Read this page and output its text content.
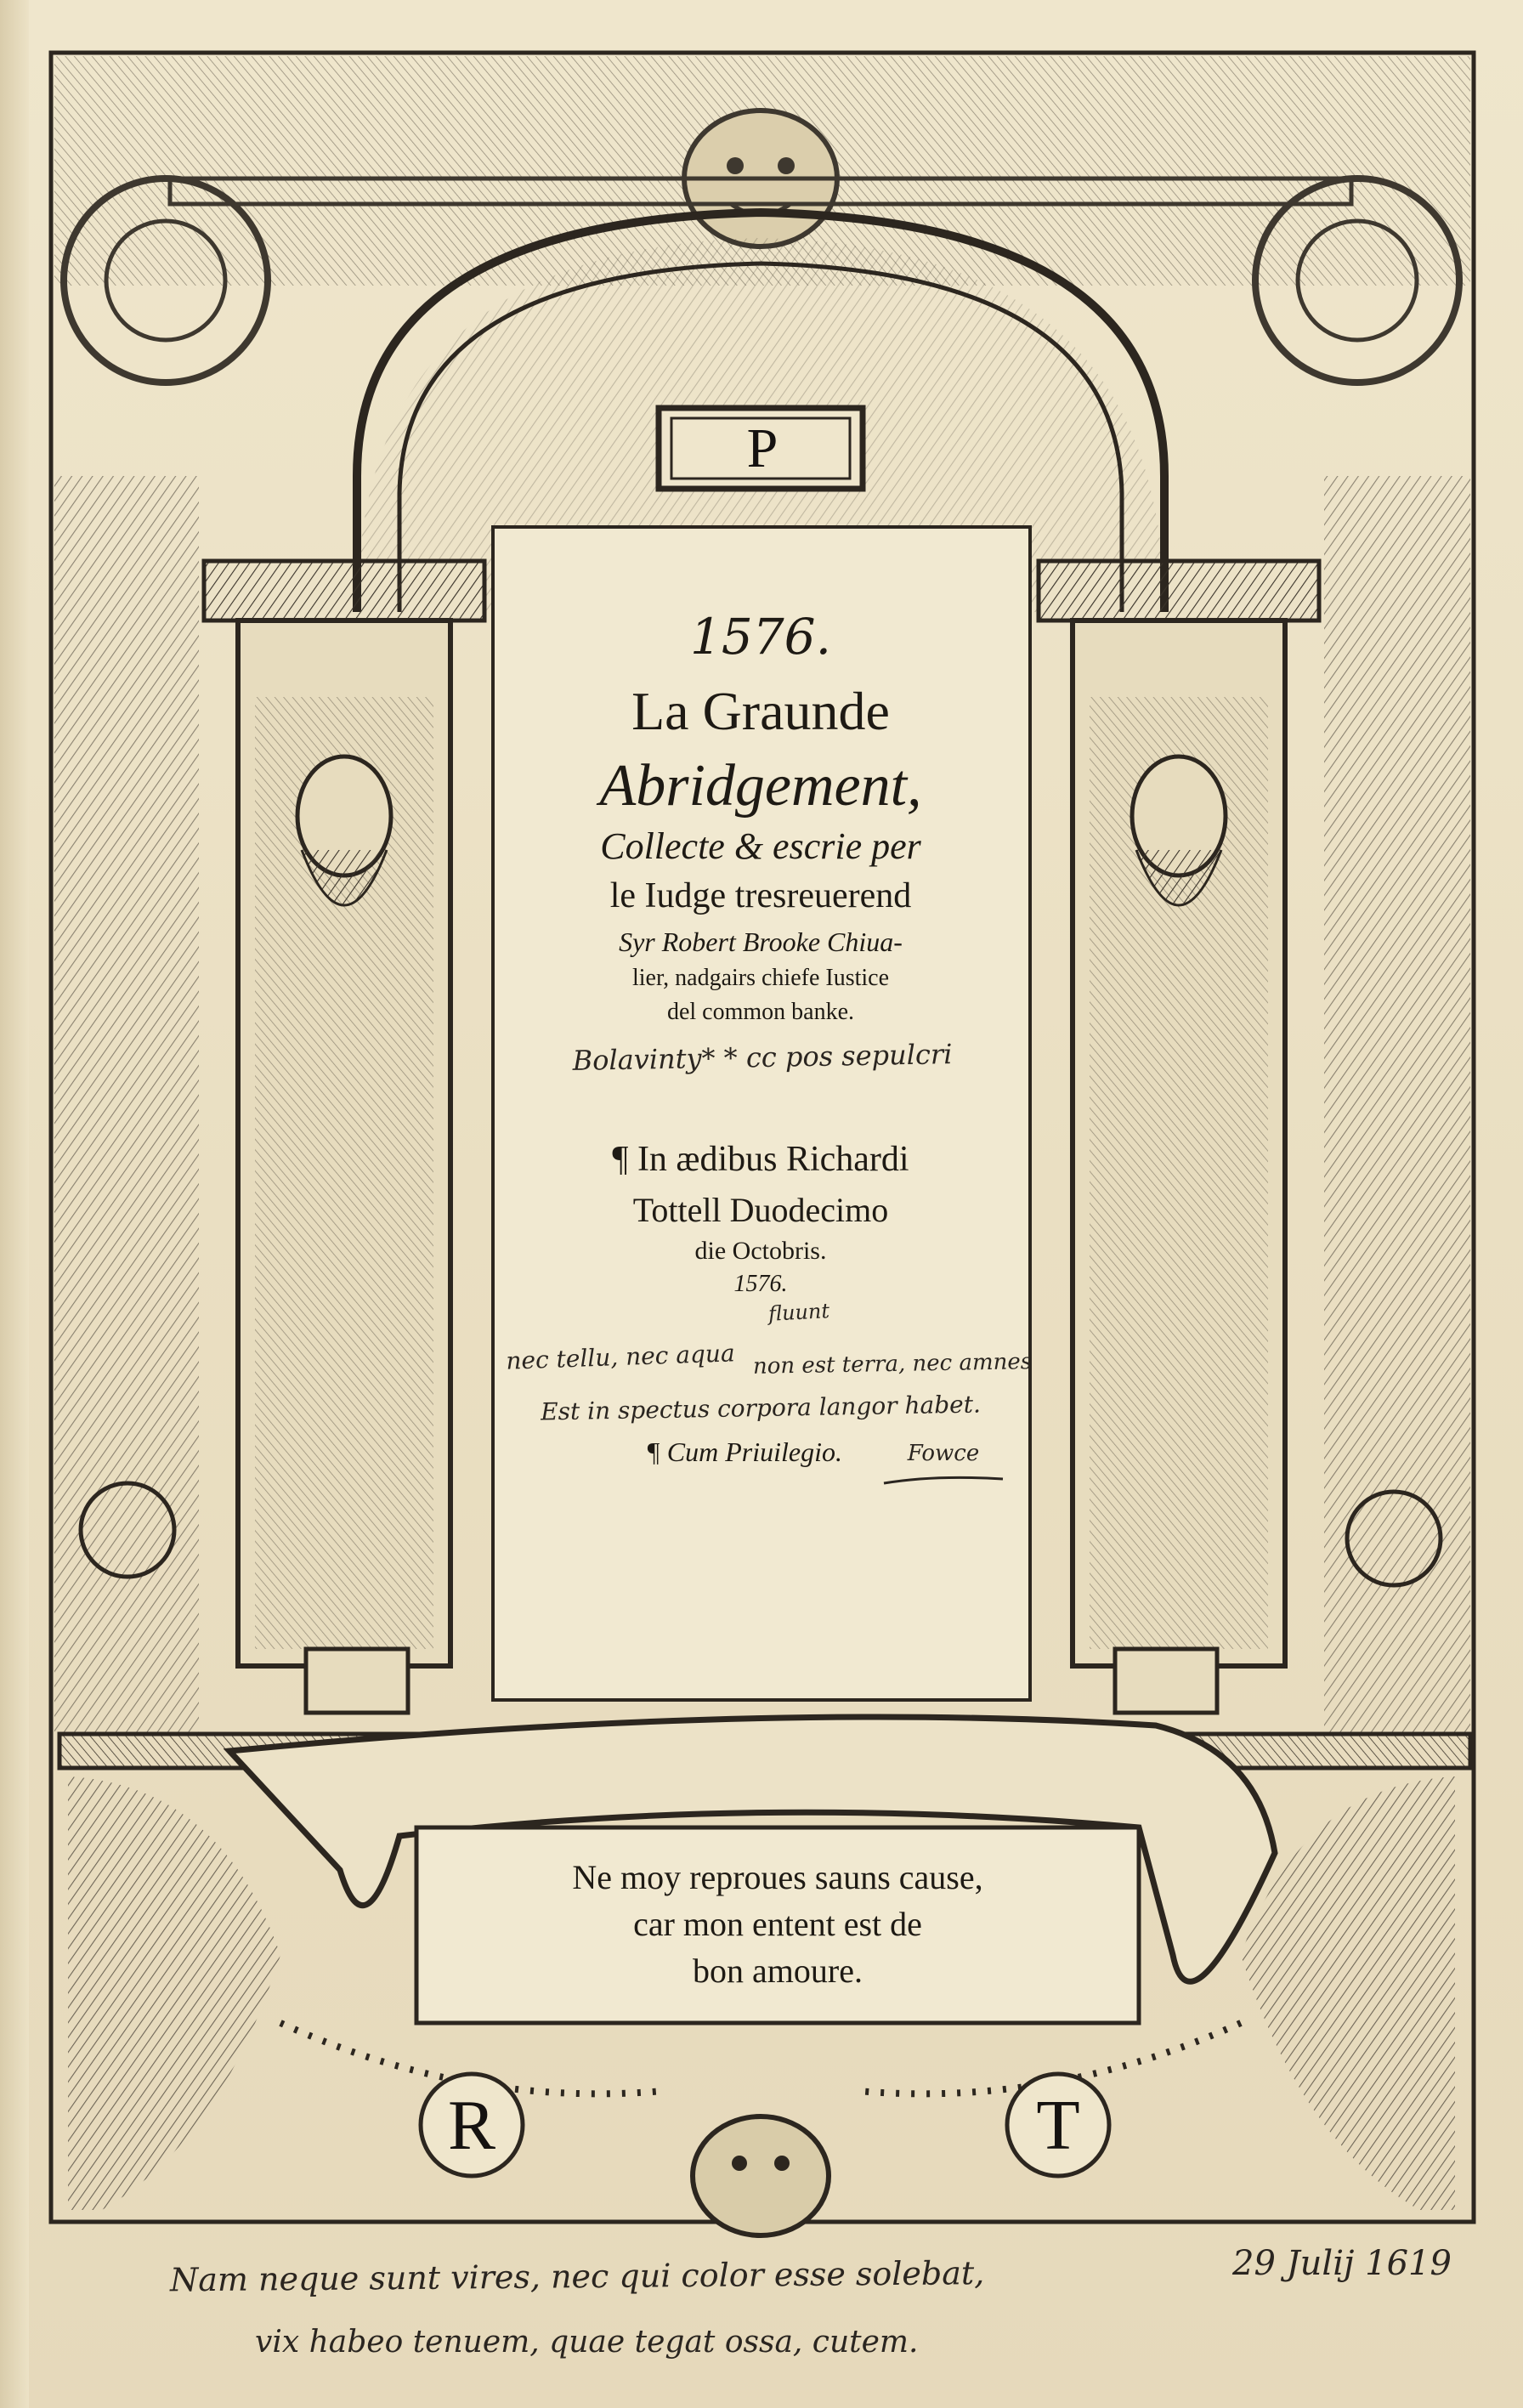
P
1576.
La Graunde
Abridgement,
Collecte & escrie per
le Iudge tresreuerend
Syr Robert Brooke Chiua-
lier, nadgairs chiefe Iustice
del common banke.
Bolavinty* * cc pos sepulcri
¶ In ædibus Richardi
Tottell Duodecimo
die Octobris.
1576.
fluunt
nec tellu, nec aqua non est terra, nec amnes
Est in spectus corpora langor habet.
¶ Cum Priuilegio.	Fowce
Ne moy reproues sauns cause,
car mon entent est de
bon amoure.
R	T
Nam neque sunt vires, nec qui color esse solebat,	29 Julij 1619
vix habeo tenuem, quae tegat ossa, cutem.
